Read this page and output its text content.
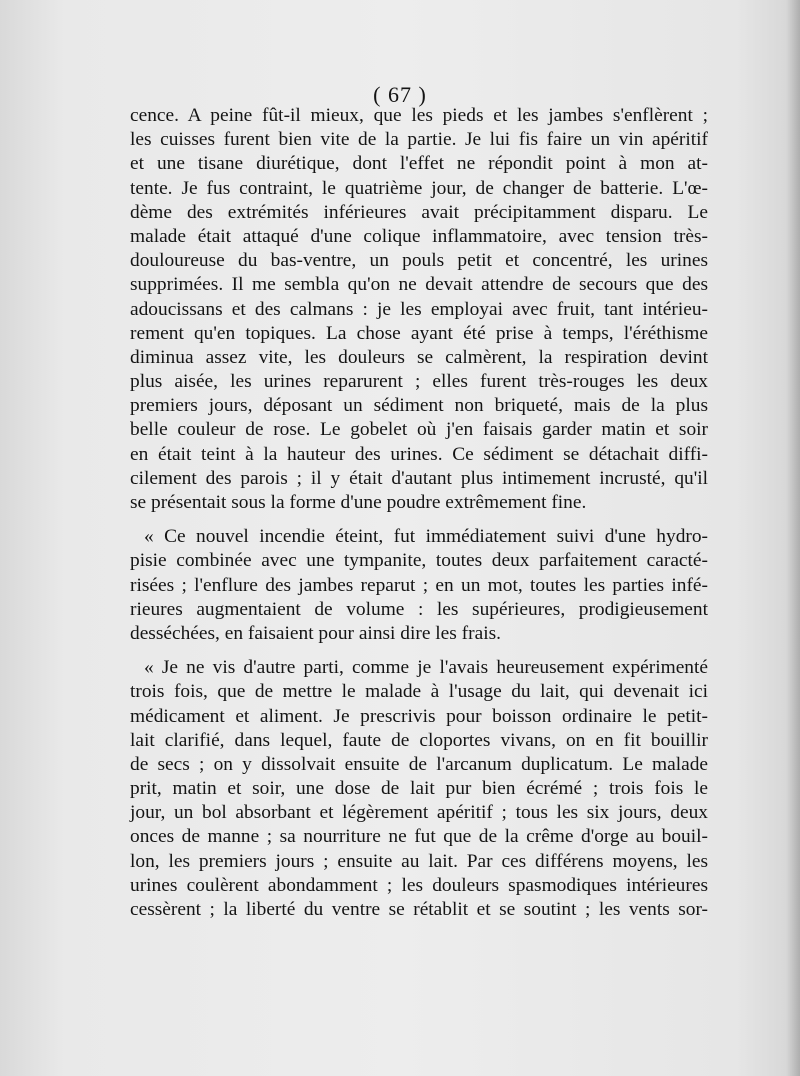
( 67 )
cence. A peine fût-il mieux, que les pieds et les jambes s'enflèrent ;
les cuisses furent bien vite de la partie. Je lui fis faire un vin apéritif
et une tisane diurétique, dont l'effet ne répondit point à mon at-
tente. Je fus contraint, le quatrième jour, de changer de batterie. L'œ-
dème des extrémités inférieures avait précipitamment disparu. Le
malade était attaqué d'une colique inflammatoire, avec tension très-
douloureuse du bas-ventre, un pouls petit et concentré, les urines
supprimées. Il me sembla qu'on ne devait attendre de secours que des
adoucissans et des calmans : je les employai avec fruit, tant intérieu-
rement qu'en topiques. La chose ayant été prise à temps, l'éréthisme
diminua assez vite, les douleurs se calmèrent, la respiration devint
plus aisée, les urines reparurent ; elles furent très-rouges les deux
premiers jours, déposant un sédiment non briqueté, mais de la plus
belle couleur de rose. Le gobelet où j'en faisais garder matin et soir
en était teint à la hauteur des urines. Ce sédiment se détachait diffi-
cilement des parois ; il y était d'autant plus intimement incrusté, qu'il
se présentait sous la forme d'une poudre extrêmement fine.
« Ce nouvel incendie éteint, fut immédiatement suivi d'une hydro-
pisie combinée avec une tympanite, toutes deux parfaitement caracté-
risées ; l'enflure des jambes reparut ; en un mot, toutes les parties infé-
rieures augmentaient de volume : les supérieures, prodigieusement
desséchées, en faisaient pour ainsi dire les frais.
« Je ne vis d'autre parti, comme je l'avais heureusement expérimenté
trois fois, que de mettre le malade à l'usage du lait, qui devenait ici
médicament et aliment. Je prescrivis pour boisson ordinaire le petit-
lait clarifié, dans lequel, faute de cloportes vivans, on en fit bouillir
de secs ; on y dissolvait ensuite de l'arcanum duplicatum. Le malade
prit, matin et soir, une dose de lait pur bien écrémé ; trois fois le
jour, un bol absorbant et légèrement apéritif ; tous les six jours, deux
onces de manne ; sa nourriture ne fut que de la crême d'orge au bouil-
lon, les premiers jours ; ensuite au lait. Par ces différens moyens, les
urines coulèrent abondamment ; les douleurs spasmodiques intérieures
cessèrent ; la liberté du ventre se rétablit et se soutint ; les vents sor-
